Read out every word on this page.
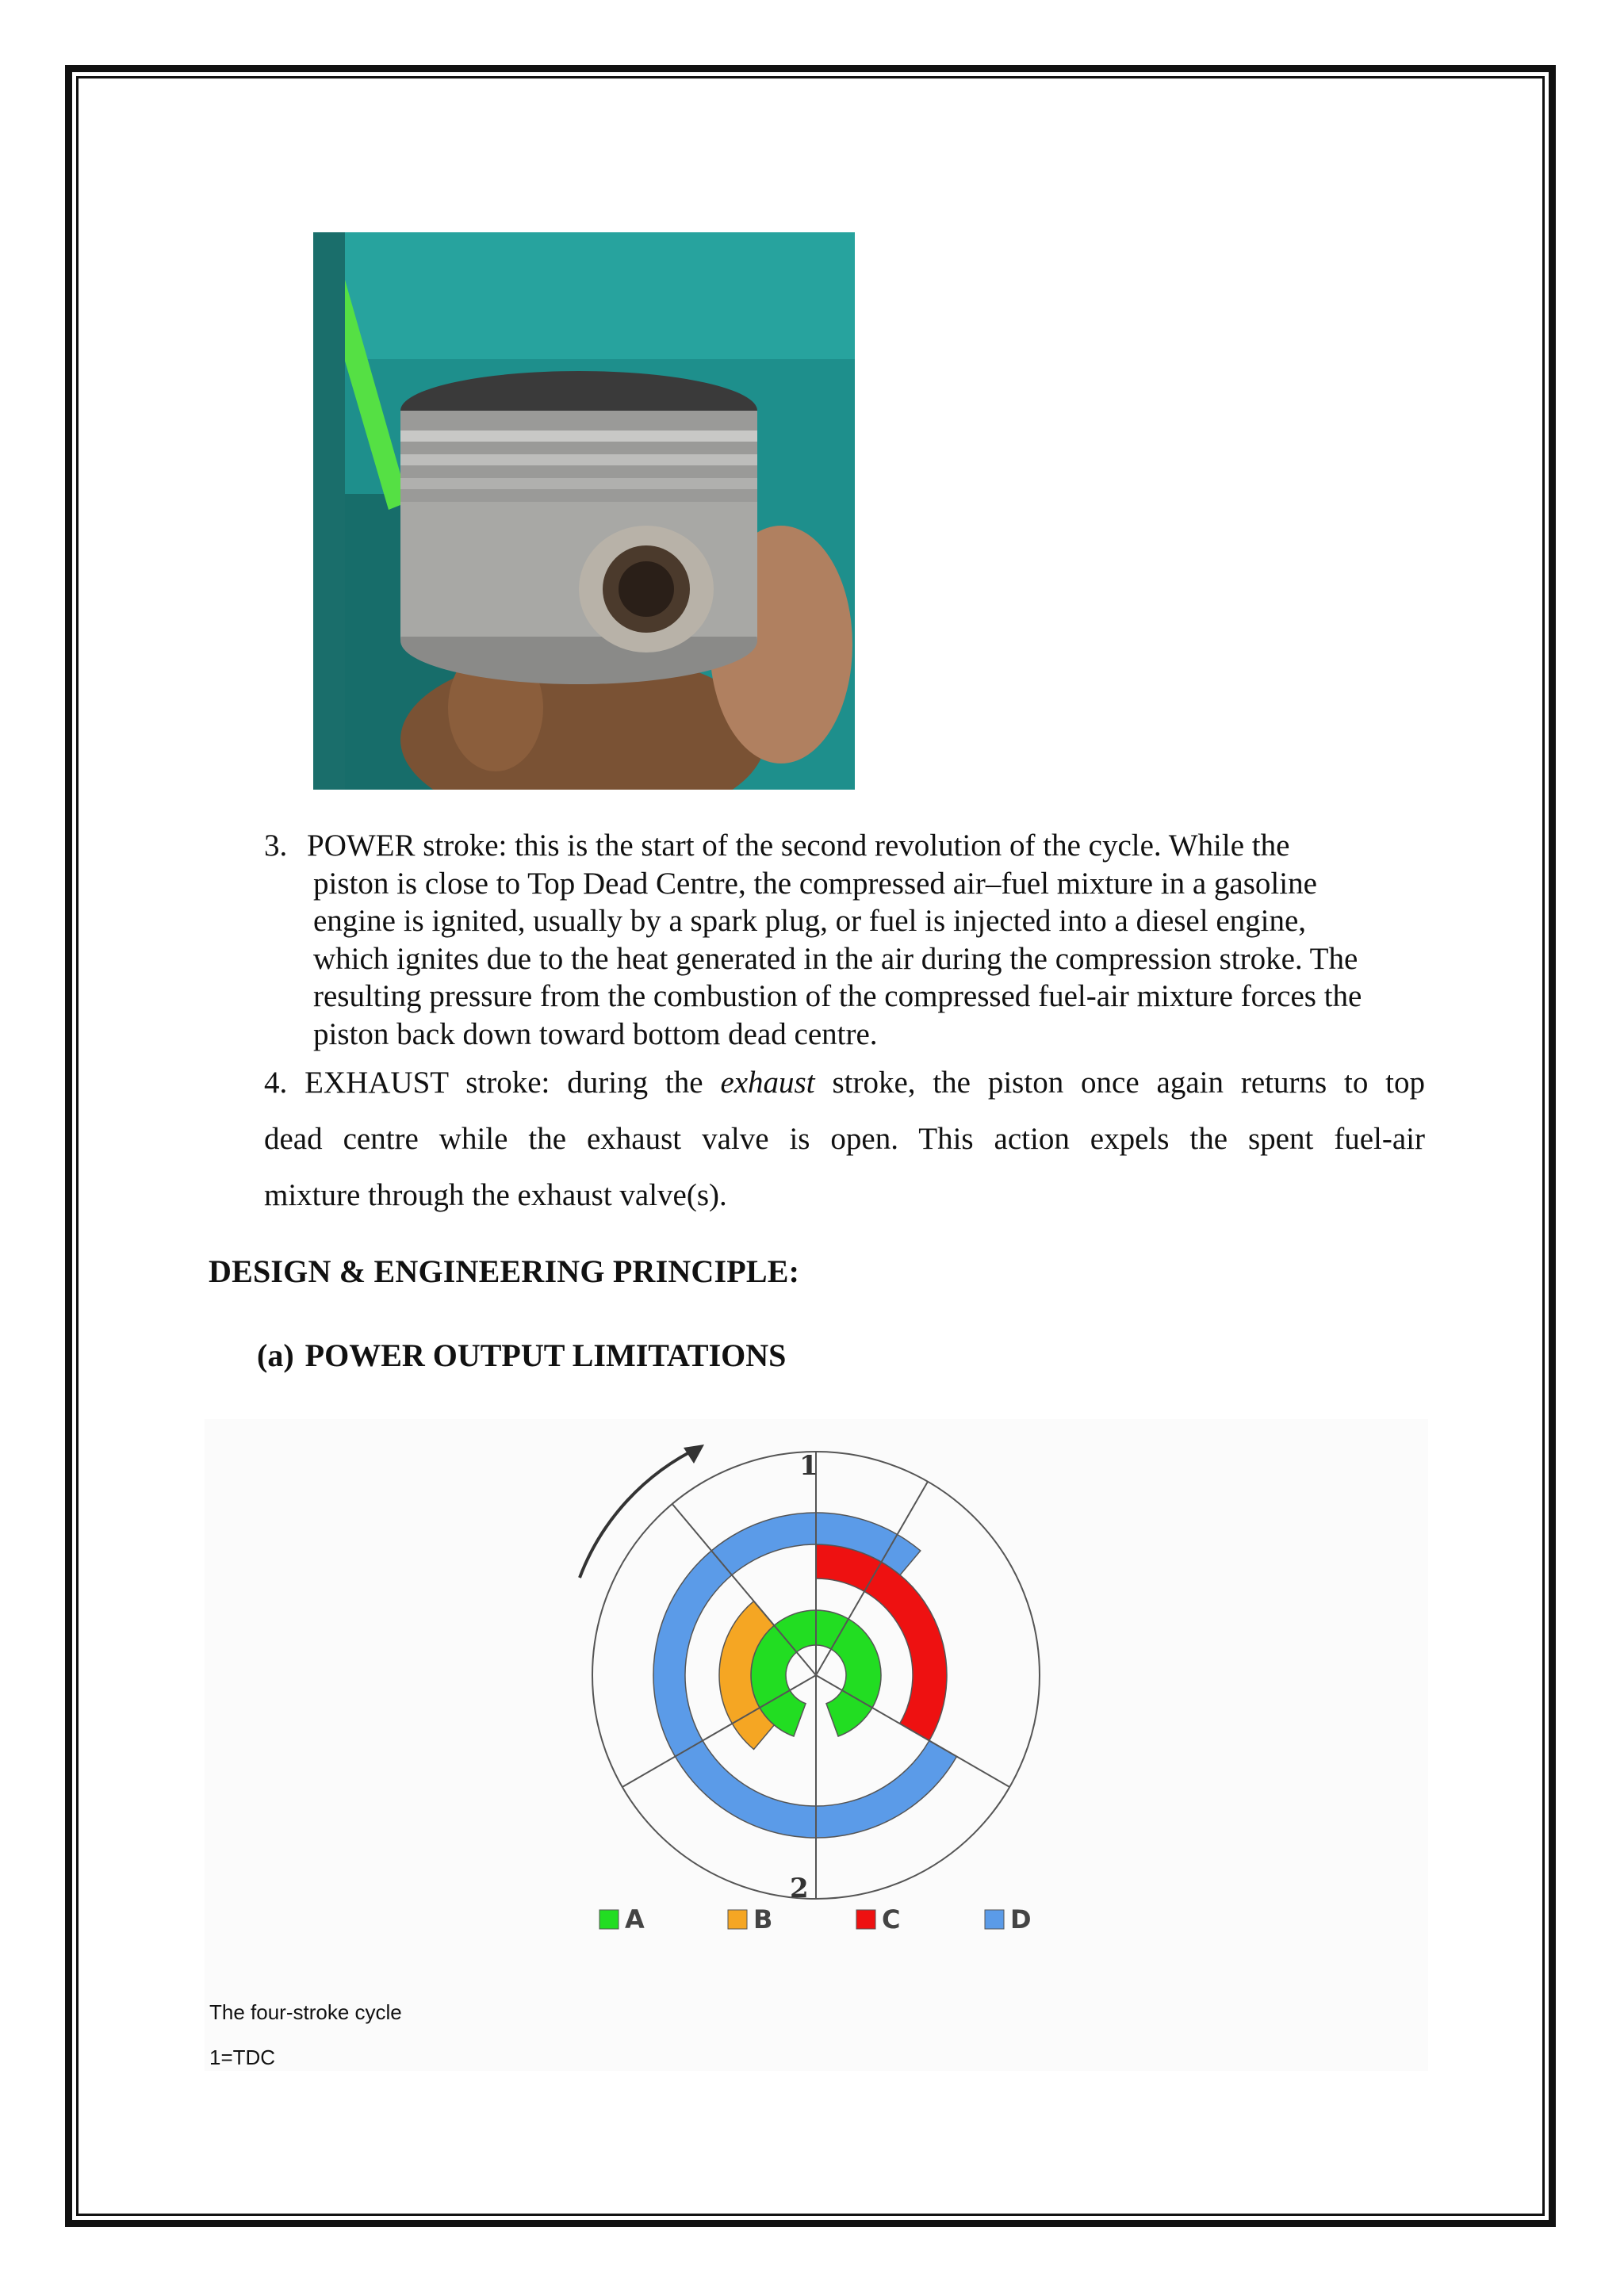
3. POWER stroke: this is the start of the second revolution of the cycle. While the

piston is close to Top Dead Centre, the compressed air–fuel mixture in a gasoline

engine is ignited, usually by a spark plug, or fuel is injected into a diesel engine,

which ignites due to the heat generated in the air during the compression stroke. The

resulting pressure from the combustion of the compressed fuel-air mixture forces the

piston back down toward bottom dead centre.

4. EXHAUST stroke: during the exhaust stroke, the piston once again returns to top
dead centre while the exhaust valve is open. This action expels the spent fuel-air
mixture through the exhaust valve(s).
DESIGN & ENGINEERING PRINCIPLE:
(a) POWER OUTPUT LIMITATIONS
1
2
A	B	C	D
The four-stroke cycle
1=TDC
